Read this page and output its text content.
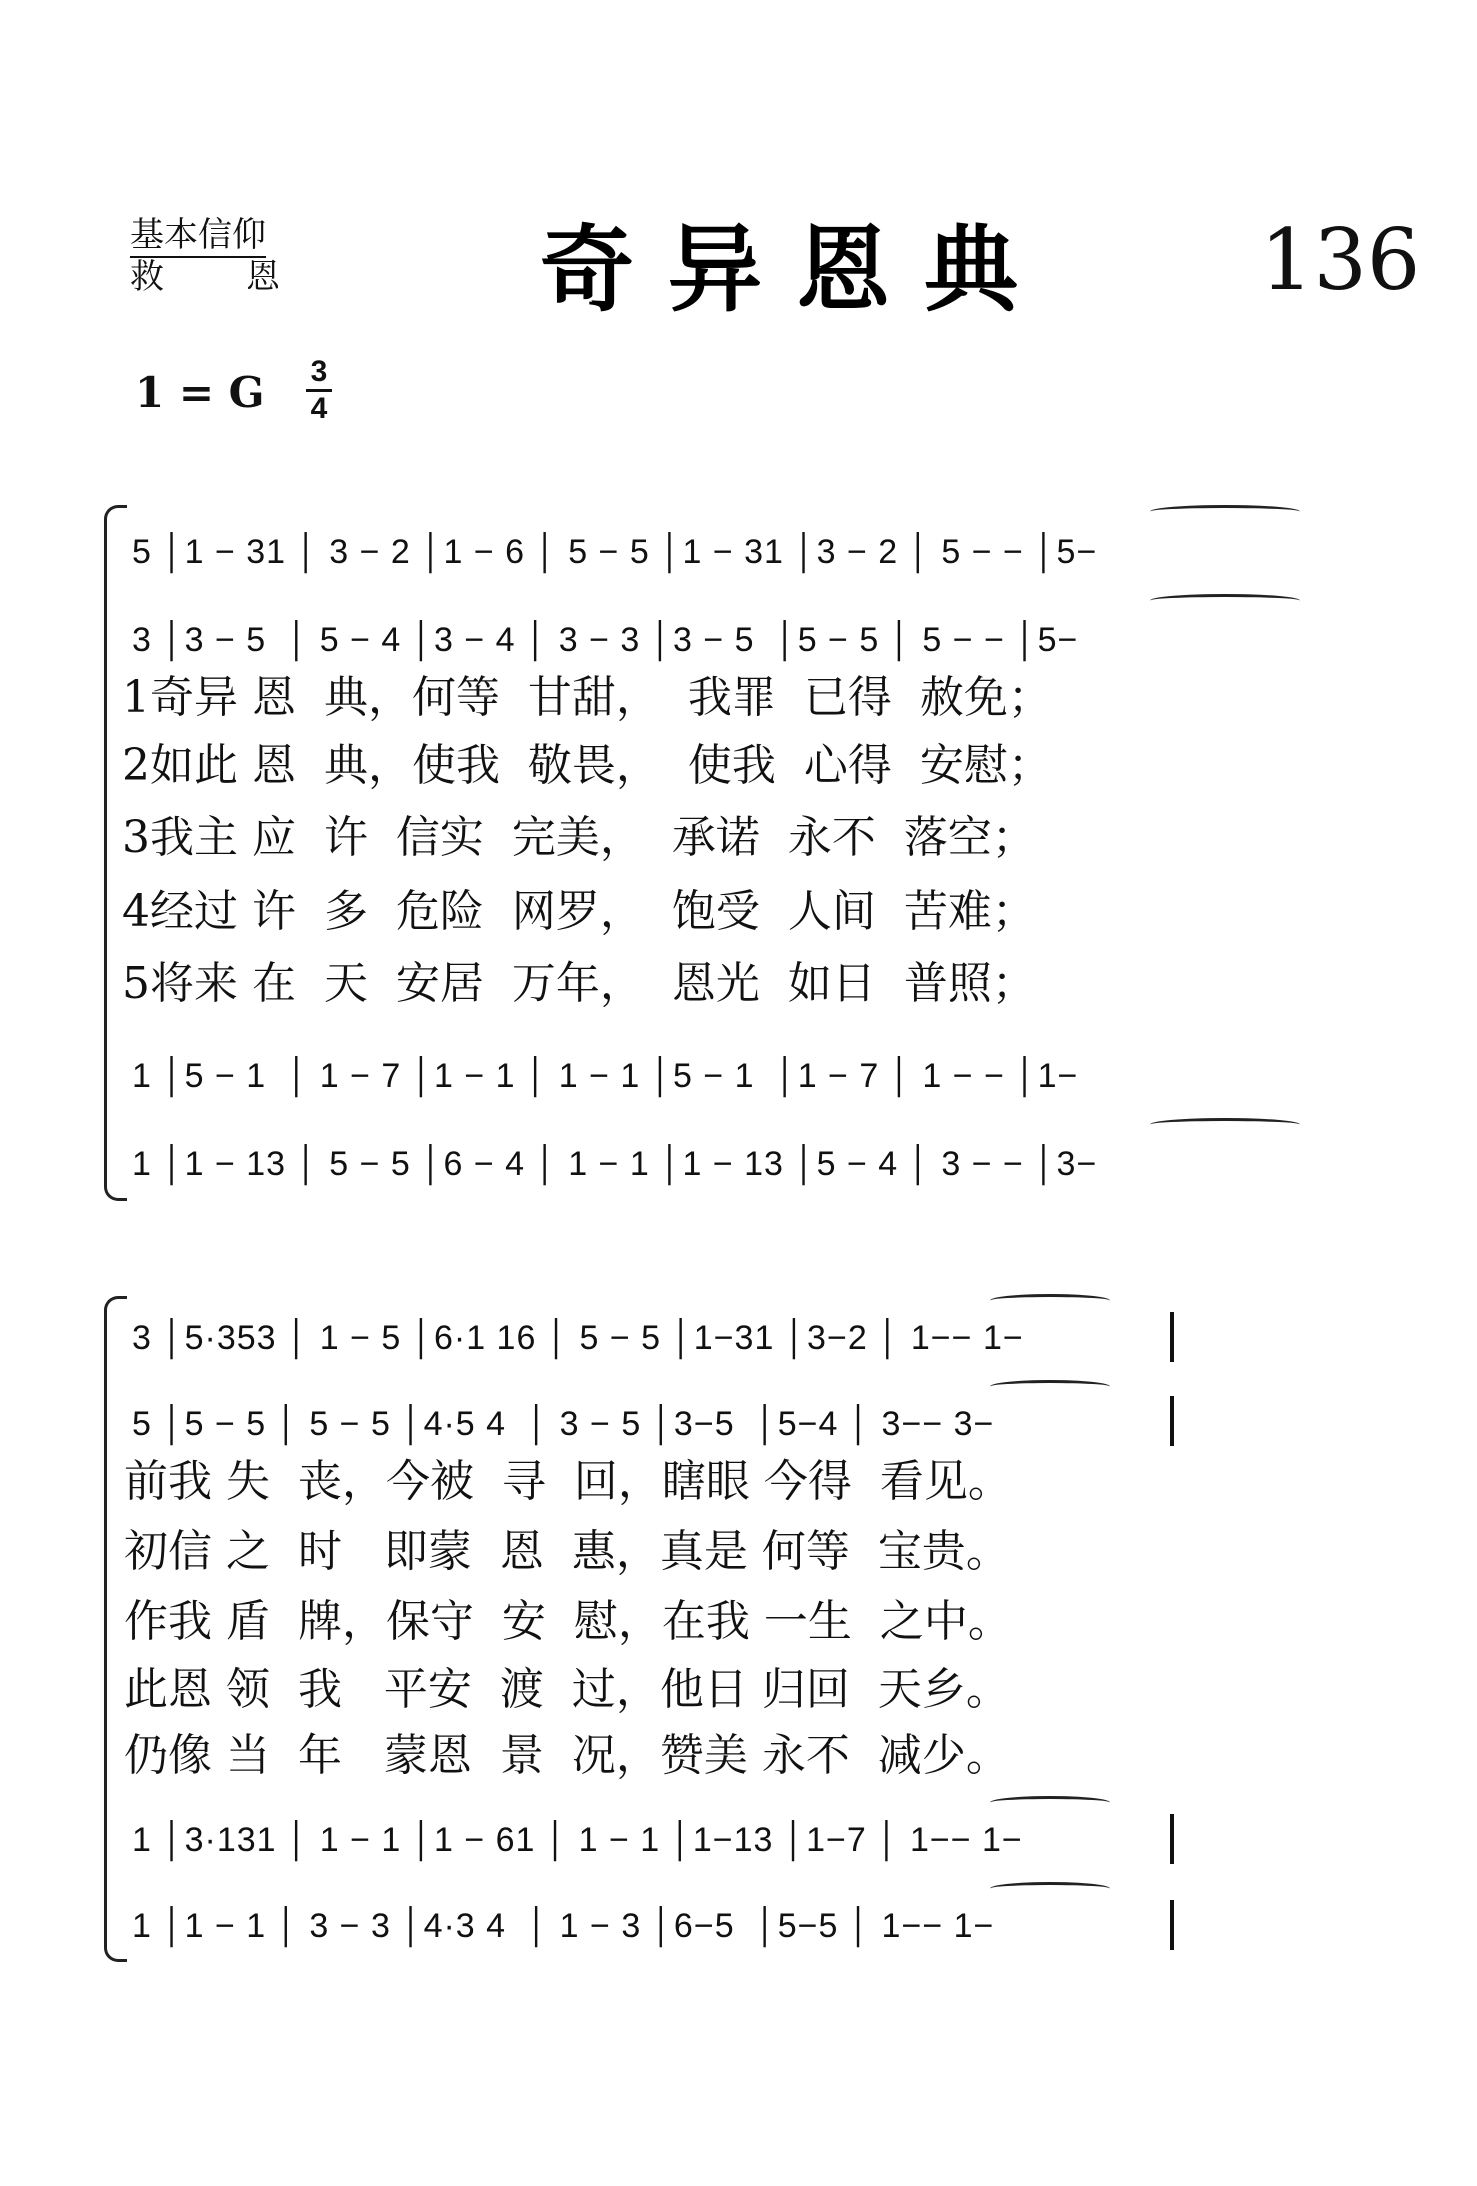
基本信仰
救 恩	奇异恩典 136
1 = G 3
4
5 │1 − 31 │ 3 − 2 │1 − 6 │ 5 − 5 │1 − 31 │3 − 2 │ 5 − − │5−
3 │3 − 5  │ 5 − 4 │3 − 4 │ 3 − 3 │3 − 5  │5 − 5 │ 5 − − │5−
1奇异 恩  典，何等  甘甜，  我罪  已得  赦免；
2如此 恩  典，使我  敬畏，  使我  心得  安慰；
3我主 应  许  信实  完美，  承诺  永不  落空；
4经过 许  多  危险  网罗，  饱受  人间  苦难；
5将来 在  天  安居  万年，  恩光  如日  普照；
1 │5 − 1  │ 1 − 7 │1 − 1 │ 1 − 1 │5 − 1  │1 − 7 │ 1 − − │1−
1 │1 − 13 │ 5 − 5 │6 − 4 │ 1 − 1 │1 − 13 │5 − 4 │ 3 − − │3−
3 │5·353 │ 1 − 5 │6·1 16 │ 5 − 5 │1−31 │3−2 │ 1−− 1−
5 │5 − 5 │ 5 − 5 │4·5 4  │ 3 − 5 │3−5  │5−4 │ 3−− 3−
前我 失  丧，今被  寻  回，瞎眼 今得  看见。
初信 之  时   即蒙  恩  惠，真是 何等  宝贵。
作我 盾  牌，保守  安  慰，在我 一生  之中。
此恩 领  我   平安  渡  过，他日 归回  天乡。
仍像 当  年   蒙恩  景  况，赞美 永不  减少。
1 │3·131 │ 1 − 1 │1 − 61 │ 1 − 1 │1−13 │1−7 │ 1−− 1−
1 │1 − 1 │ 3 − 3 │4·3 4  │ 1 − 3 │6−5  │5−5 │ 1−− 1−
